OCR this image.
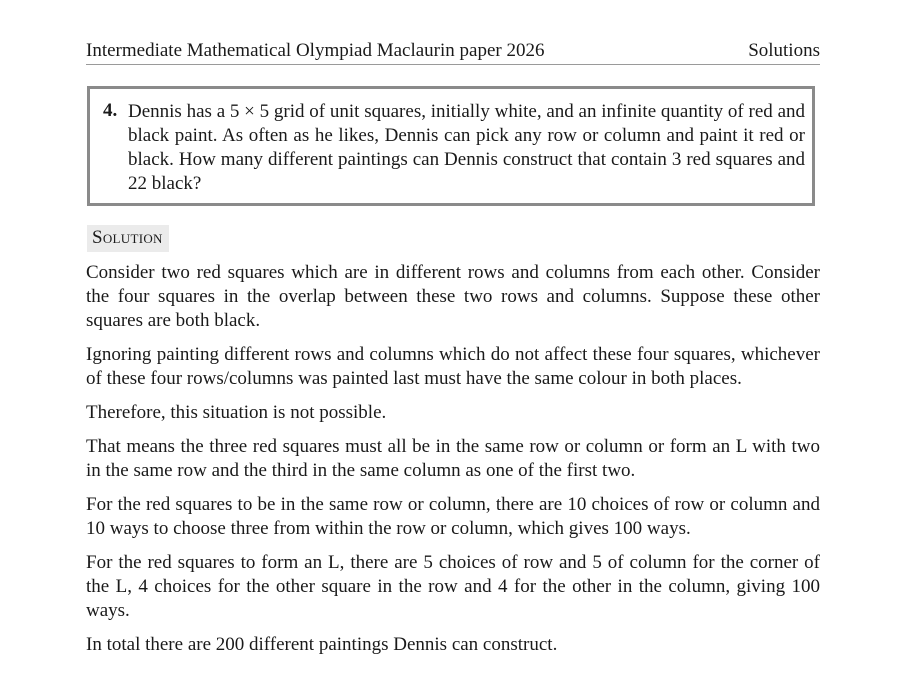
Intermediate Mathematical Olympiad Maclaurin paper 2026	Solutions
4. Dennis has a 5 × 5 grid of unit squares, initially white, and an infinite quantity of red and black paint. As often as he likes, Dennis can pick any row or column and paint it red or black. How many different paintings can Dennis construct that contain 3 red squares and 22 black?
Solution

Consider two red squares which are in different rows and columns from each other. Consider the four squares in the overlap between these two rows and columns. Suppose these other squares are both black.

Ignoring painting different rows and columns which do not affect these four squares, whichever of these four rows/columns was painted last must have the same colour in both places.

Therefore, this situation is not possible.

That means the three red squares must all be in the same row or column or form an L with two in the same row and the third in the same column as one of the first two.

For the red squares to be in the same row or column, there are 10 choices of row or column and 10 ways to choose three from within the row or column, which gives 100 ways.

For the red squares to form an L, there are 5 choices of row and 5 of column for the corner of the L, 4 choices for the other square in the row and 4 for the other in the column, giving 100 ways.

In total there are 200 different paintings Dennis can construct.
